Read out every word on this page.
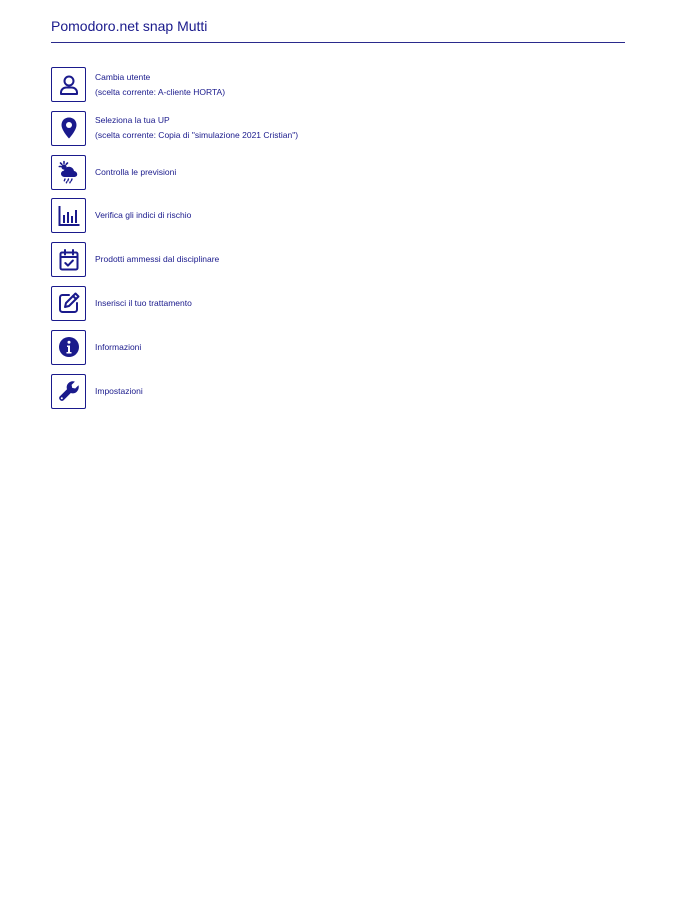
Pomodoro.net snap Mutti
Cambia utente
(scelta corrente: A-cliente HORTA)
Seleziona la tua UP
(scelta corrente: Copia di "simulazione 2021 Cristian")
Controlla le previsioni
Verifica gli indici di rischio
Prodotti ammessi dal disciplinare
Inserisci il tuo trattamento
Informazioni
Impostazioni
